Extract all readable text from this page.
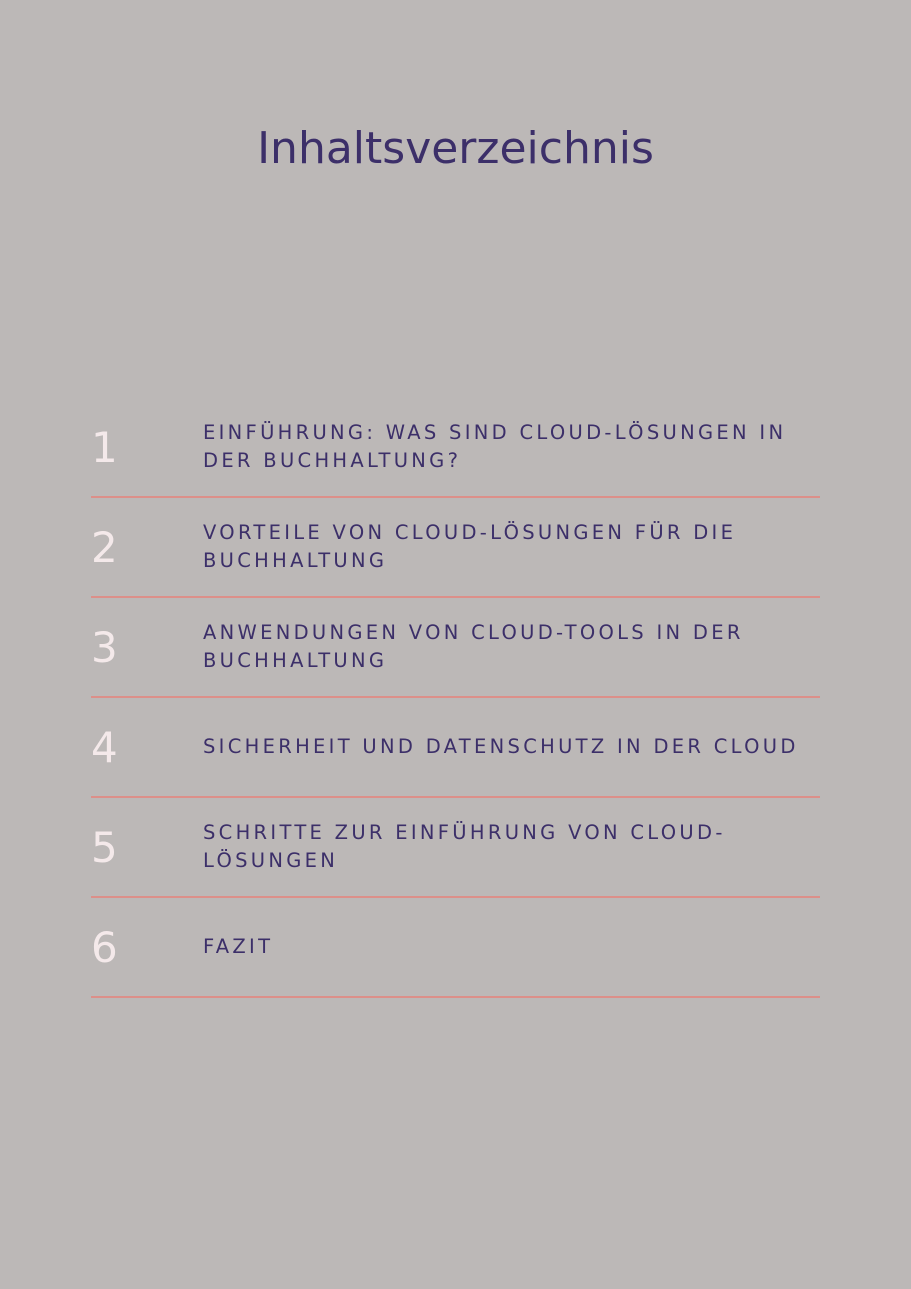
Inhaltsverzeichnis
1	EINFÜHRUNG: WAS SIND CLOUD-LÖSUNGEN IN DER BUCHHALTUNG?
2	VORTEILE VON CLOUD-LÖSUNGEN FÜR DIE BUCHHALTUNG
3	ANWENDUNGEN VON CLOUD-TOOLS IN DER BUCHHALTUNG
4	SICHERHEIT UND DATENSCHUTZ IN DER CLOUD
5	SCHRITTE ZUR EINFÜHRUNG VON CLOUD-LÖSUNGEN
6	FAZIT
